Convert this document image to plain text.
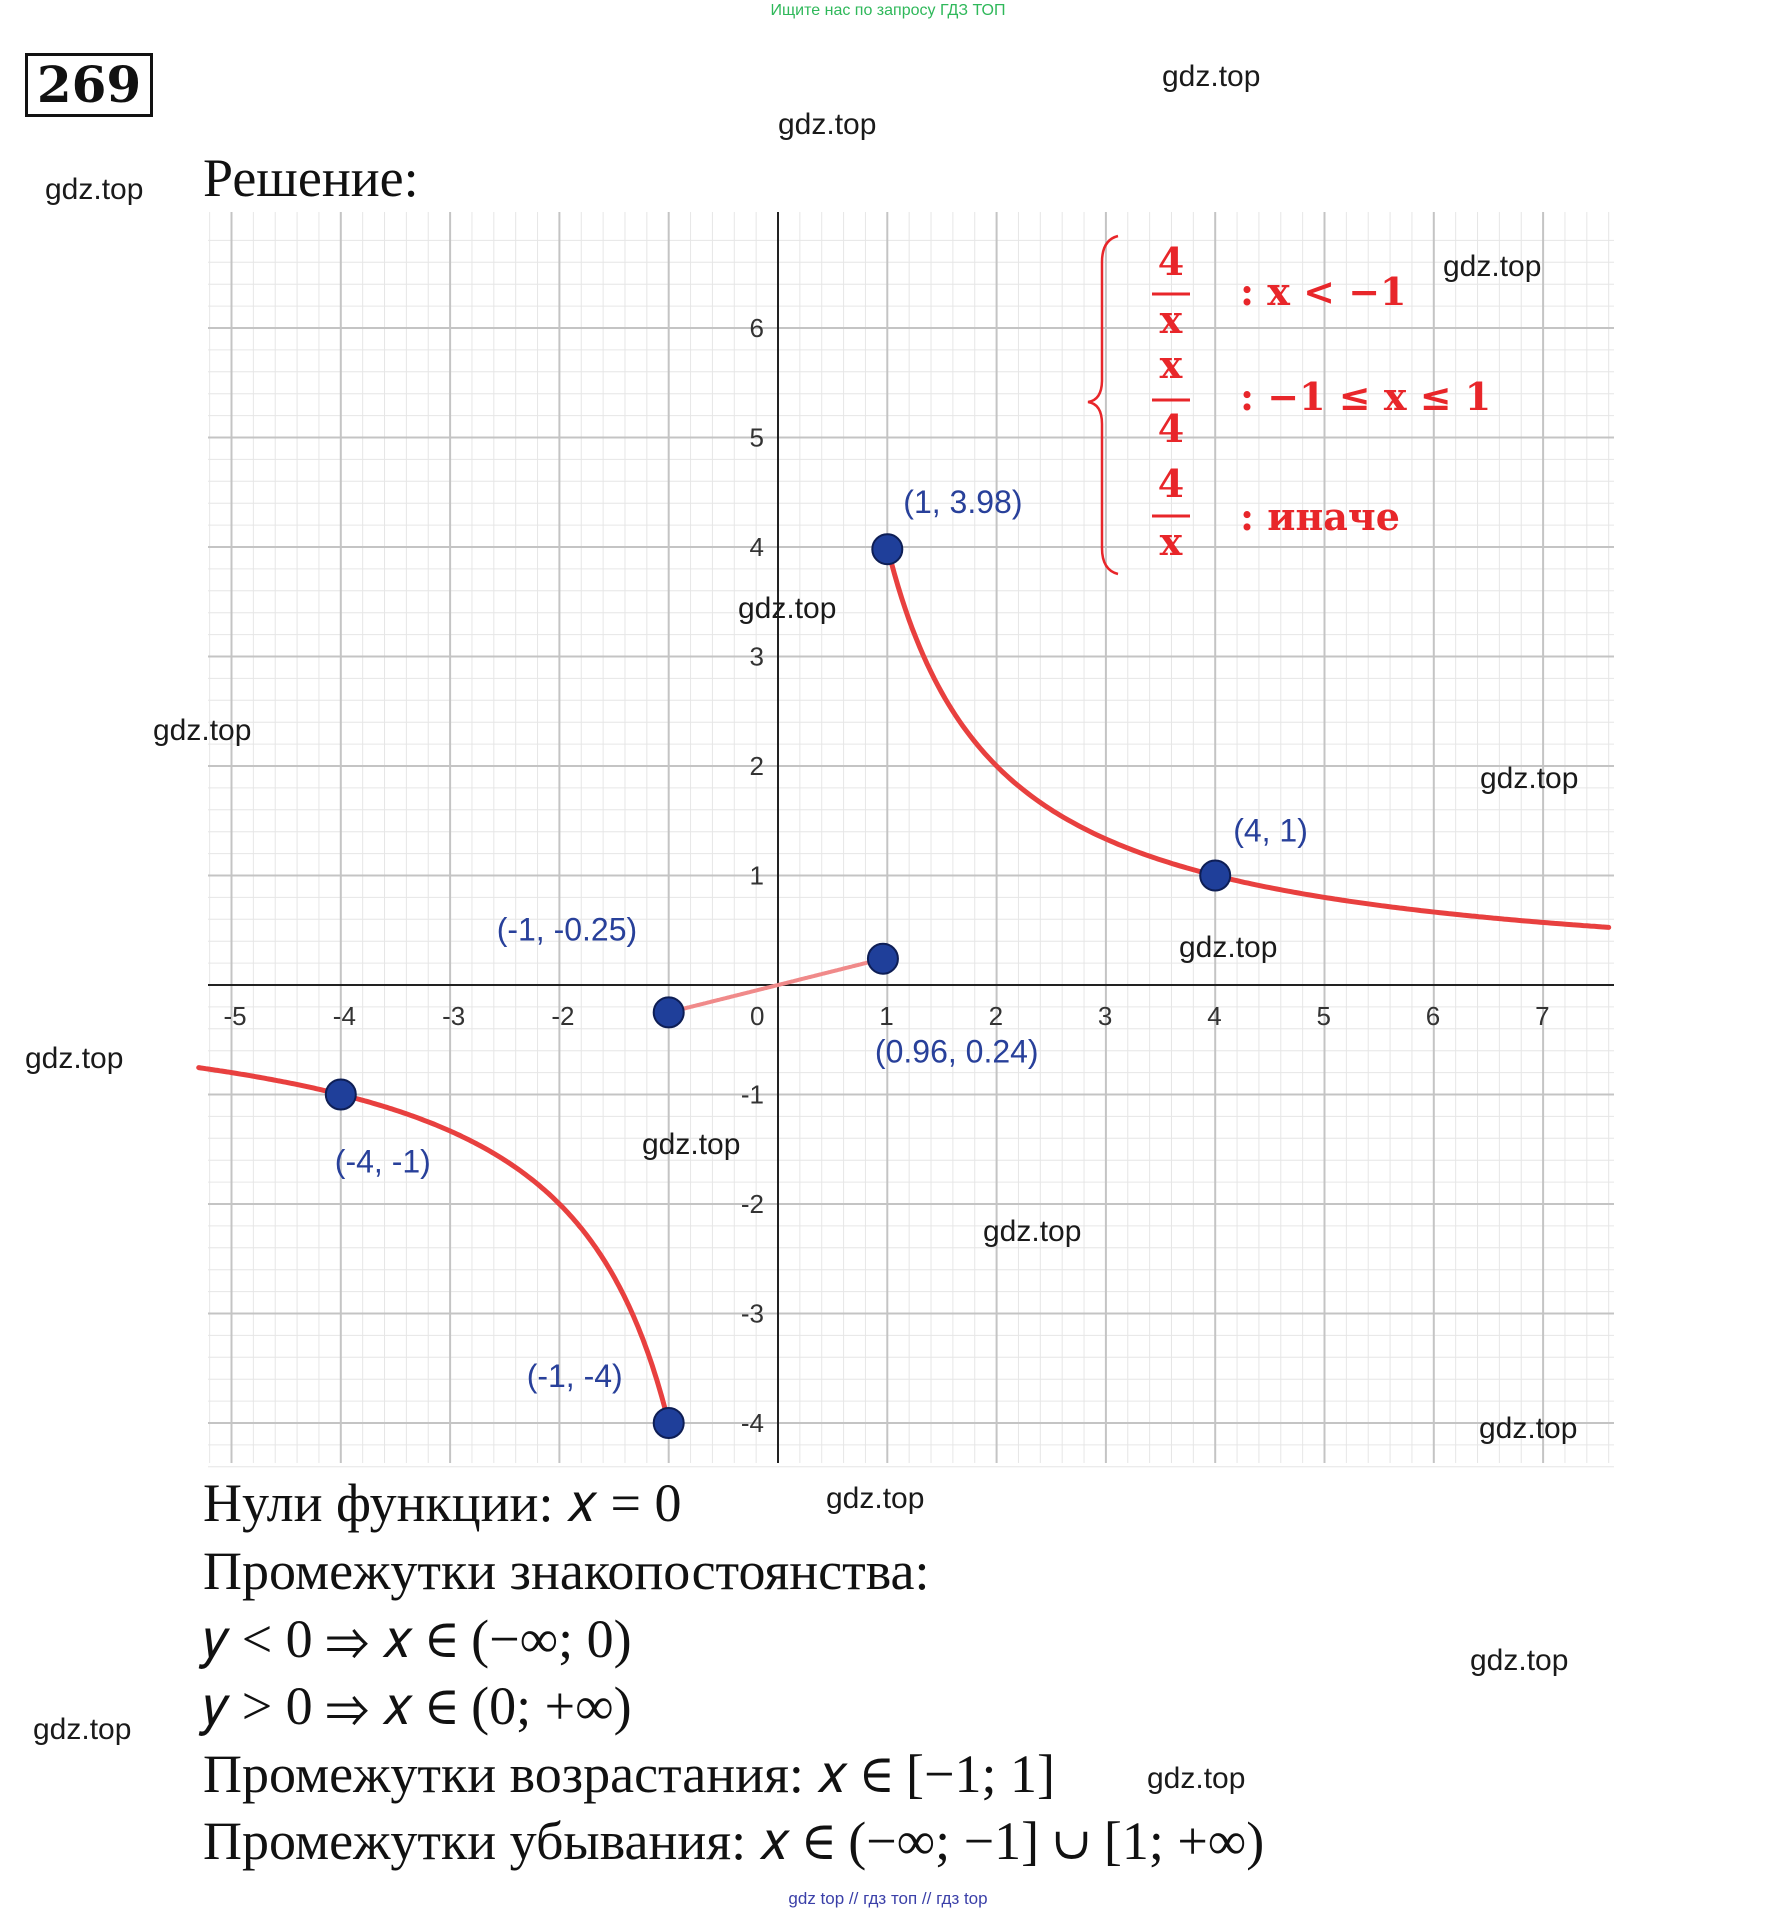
Ищите нас по запросу ГДЗ ТОП
269
Решение:
-5	-4	-3	-2	0	1	2	3	4	5	6	7
-4
-3
-2
-1
1
2
3
4
5
6
(1, 3.98)
(4, 1)
(-1, -0.25)
(0.96, 0.24)
(-4, -1)
(-1, -4)
4
x
: x < −1
x
4
: −1 ≤ x ≤ 1
4
x
: иначе
gdz.top
gdz.top
gdz.top
gdz.top
gdz.top
gdz.top
gdz.top
gdz.top
gdz.top
gdz.top
gdz.top
gdz.top
gdz.top
gdz.top
gdz.top
gdz.top
Нули функции: 𝑥 = 0
Промежутки знакопостоянства:
𝑦 < 0 ⇒ 𝑥 ∈ (−∞; 0)
𝑦 > 0 ⇒ 𝑥 ∈ (0; +∞)
Промежутки возрастания: 𝑥 ∈ [−1; 1]
Промежутки убывания: 𝑥 ∈ (−∞; −1] ∪ [1; +∞)
gdz top // гдз топ // гдз top
